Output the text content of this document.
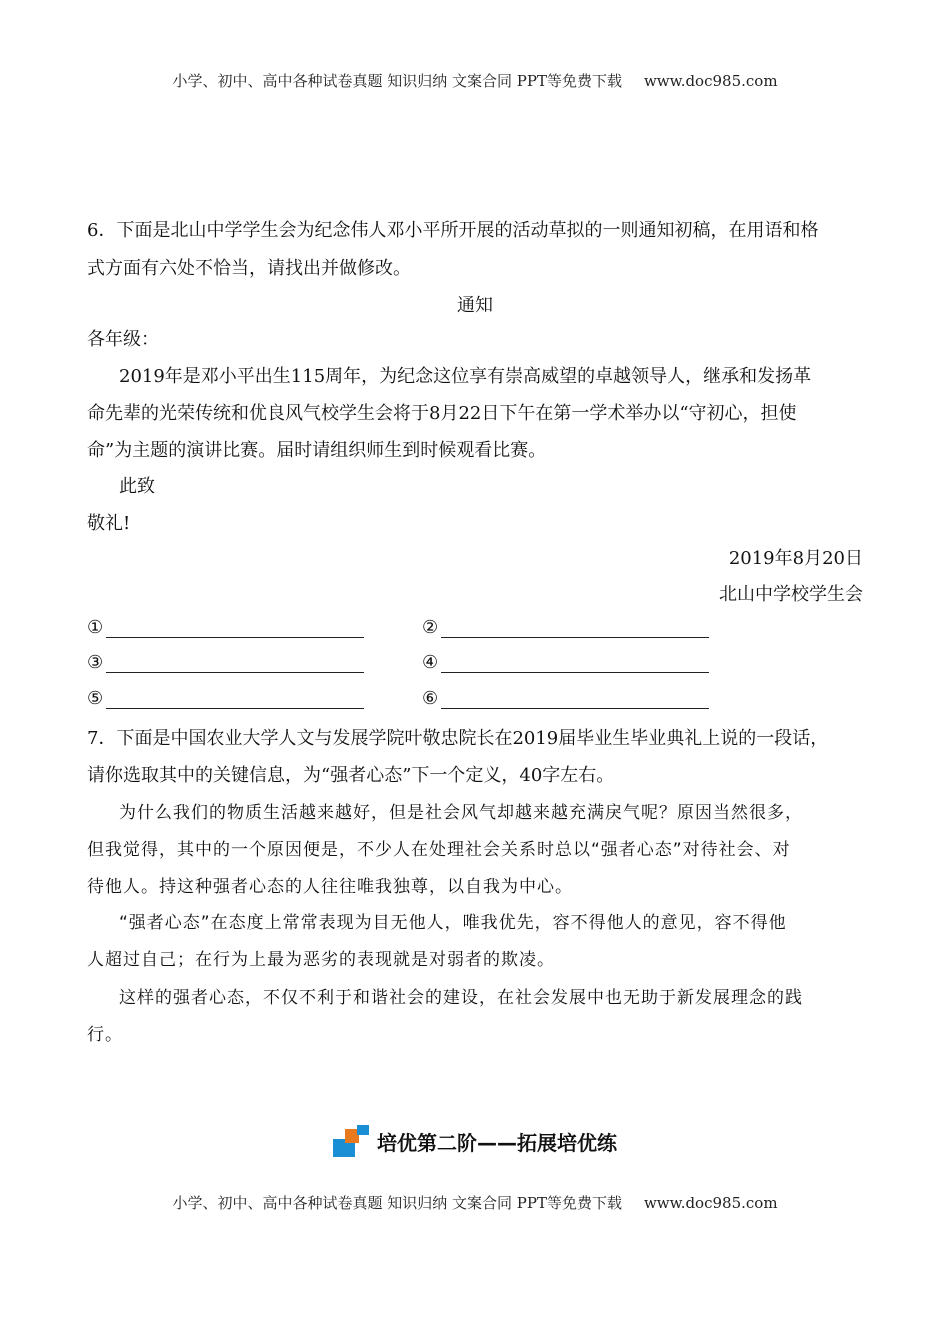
小学、初中、高中各种试卷真题 知识归纳 文案合同 PPT等免费下载 www.doc985.com
6．下面是北山中学学生会为纪念伟人邓小平所开展的活动草拟的一则通知初稿，在用语和格
式方面有六处不恰当，请找出并做修改。
通知
各年级：
2019年是邓小平出生115周年，为纪念这位享有崇高威望的卓越领导人，继承和发扬革
命先辈的光荣传统和优良风气校学生会将于8月22日下午在第一学术举办以“守初心，担使
命”为主题的演讲比赛。届时请组织师生到时候观看比赛。
此致
敬礼!
2019年8月20日
北山中学校学生会
①	②
③	④
⑤	⑥
7．下面是中国农业大学人文与发展学院叶敬忠院长在2019届毕业生毕业典礼上说的一段话，
请你选取其中的关键信息，为“强者心态”下一个定义，40字左右。
为什么我们的物质生活越来越好，但是社会风气却越来越充满戾气呢？原因当然很多，
但我觉得，其中的一个原因便是，不少人在处理社会关系时总以“强者心态”对待社会、对
待他人。持这种强者心态的人往往唯我独尊，以自我为中心。
“强者心态”在态度上常常表现为目无他人，唯我优先，容不得他人的意见，容不得他
人超过自己；在行为上最为恶劣的表现就是对弱者的欺凌。
这样的强者心态，不仅不利于和谐社会的建设，在社会发展中也无助于新发展理念的践
行。
培优第二阶——拓展培优练
小学、初中、高中各种试卷真题 知识归纳 文案合同 PPT等免费下载 www.doc985.com
